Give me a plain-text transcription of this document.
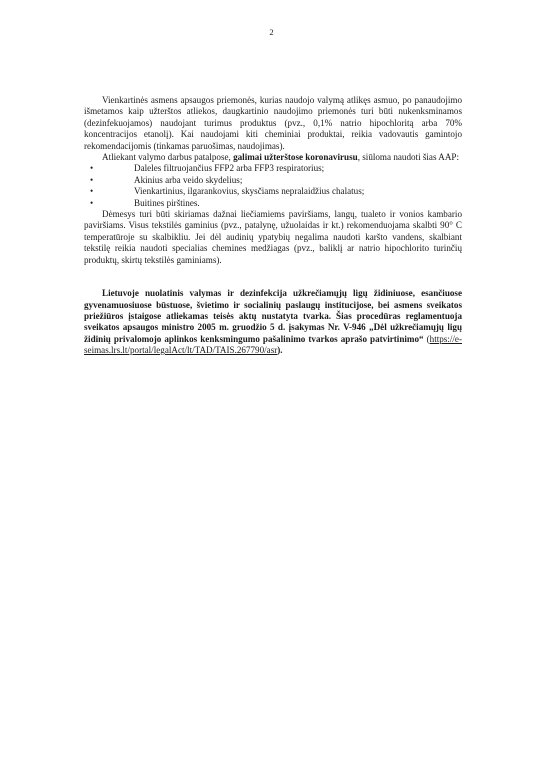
2

Vienkartinės asmens apsaugos priemonės, kurias naudojo valymą atlikęs asmuo, po panaudojimo išmetamos kaip užterštos atliekos, daugkartinio naudojimo priemonės turi būti nukenksminamos (dezinfekuojamos) naudojant turimus produktus (pvz., 0,1% natrio hipochloritą arba 70% koncentracijos etanolį). Kai naudojami kiti cheminiai produktai, reikia vadovautis gamintojo rekomendacijomis (tinkamas paruošimas, naudojimas).

Atliekant valymo darbus patalpose, galimai užterštose koronavirusu, siūloma naudoti šias AAP:

•	Daleles filtruojančius FFP2 arba FFP3 respiratorius;
•	Akinius arba veido skydelius;
•	Vienkartinius, ilgarankovius, skysčiams nepralaidžius chalatus;
•	Buitines pirštines.

Dėmesys turi būti skiriamas dažnai liečiamiems paviršiams, langų, tualeto ir vonios kambario paviršiams. Visus tekstilės gaminius (pvz., patalynę, užuolaidas ir kt.) rekomenduojama skalbti 90° C temperatūroje su skalbikliu. Jei dėl audinių ypatybių negalima naudoti karšto vandens, skalbiant tekstilę reikia naudoti specialias chemines medžiagas (pvz., baliklį ar natrio hipochlorito turinčių produktų, skirtų tekstilės gaminiams).

Lietuvoje nuolatinis valymas ir dezinfekcija užkrečiamųjų ligų židiniuose, esančiuose gyvenamuosiuose būstuose, švietimo ir socialinių paslaugų institucijose, bei asmens sveikatos priežiūros įstaigose atliekamas teisės aktų nustatyta tvarka. Šias procedūras reglamentuoja sveikatos apsaugos ministro 2005 m. gruodžio 5 d. įsakymas Nr. V-946 „Dėl užkrečiamųjų ligų židinių privalomojo aplinkos kenksmingumo pašalinimo tvarkos aprašo patvirtinimo“ (https://e-seimas.lrs.lt/portal/legalAct/lt/TAD/TAIS.267790/asr).
